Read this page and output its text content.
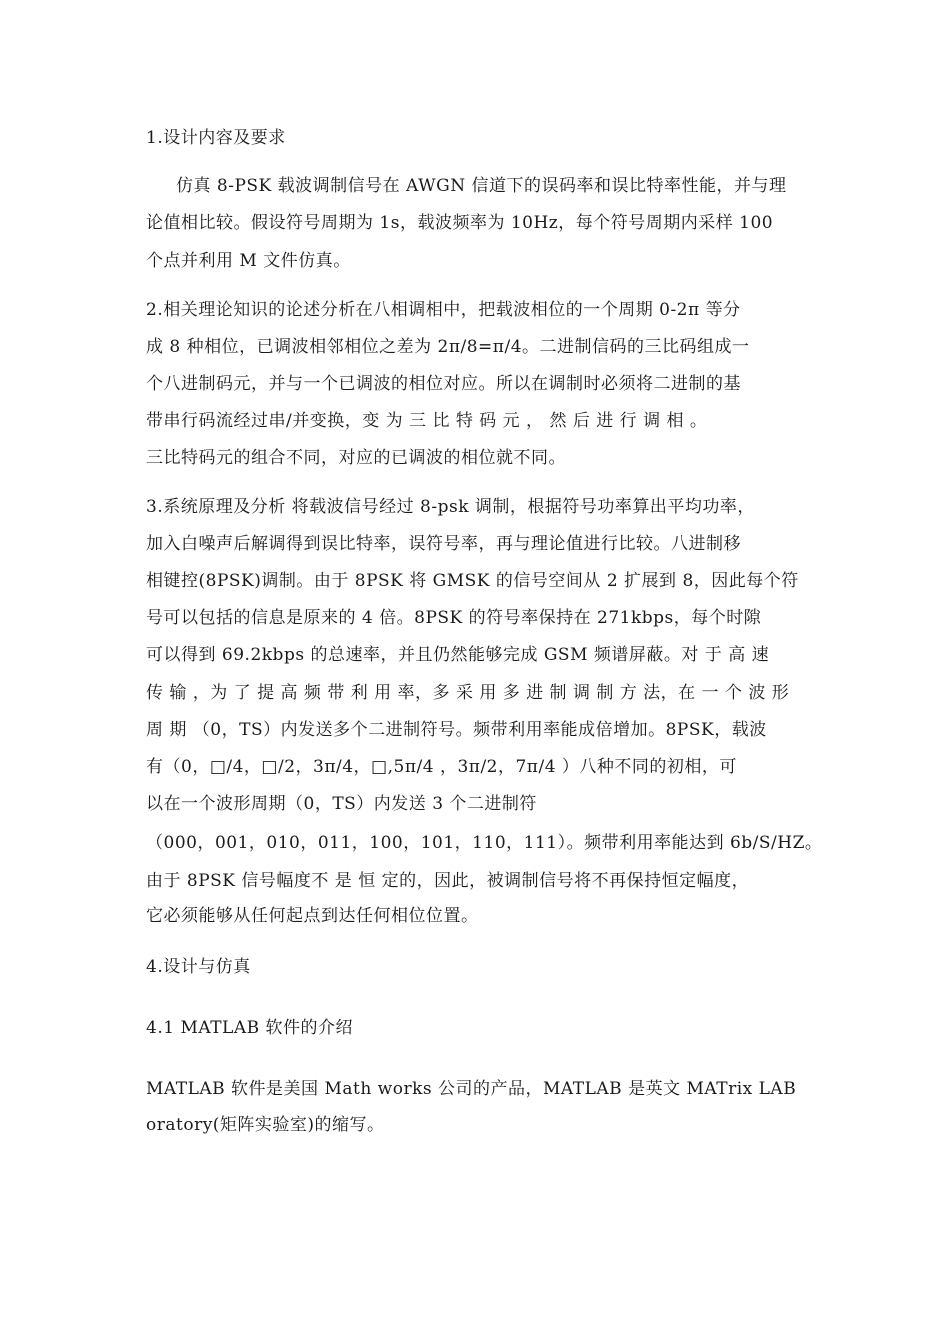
1.设计内容及要求
仿真 8-PSK 载波调制信号在 AWGN 信道下的误码率和误比特率性能，并与理
论值相比较。假设符号周期为 1s，载波频率为 10Hz，每个符号周期内采样 100
个点并利用 M 文件仿真。
2.相关理论知识的论述分析在八相调相中，把载波相位的一个周期 0-2π 等分
成 8 种相位，已调波相邻相位之差为 2π/8=π/4。二进制信码的三比码组成一
个八进制码元，并与一个已调波的相位对应。所以在调制时必须将二进制的基
带串行码流经过串/并变换，变 为 三 比 特 码 元 ， 然 后 进 行 调 相 。
三比特码元的组合不同，对应的已调波的相位就不同。
3.系统原理及分析 将载波信号经过 8-psk 调制，根据符号功率算出平均功率，
加入白噪声后解调得到误比特率，误符号率，再与理论值进行比较。八进制移
相键控(8PSK)调制。由于 8PSK 将 GMSK 的信号空间从 2 扩展到 8，因此每个符
号可以包括的信息是原来的 4 倍。8PSK 的符号率保持在 271kbps，每个时隙
可以得到 69.2kbps 的总速率，并且仍然能够完成 GSM 频谱屏蔽。对 于 高 速
传 输 ，为 了 提 高 频 带 利 用 率，多 采 用 多 进 制 调 制 方 法，在 一 个 波 形
周 期 （0，TS）内发送多个二进制符号。频带利用率能成倍增加。8PSK，载波
有（0，□/4，□/2，3π/4，□,5π/4 ，3π/2，7π/4 ）八种不同的初相，可
以在一个波形周期（0，TS）内发送 3 个二进制符
（000，001，010，011，100，101，110，111）。频带利用率能达到 6b/S/HZ。
由于 8PSK 信号幅度不 是 恒 定的，因此，被调制信号将不再保持恒定幅度，
它必须能够从任何起点到达任何相位位置。
4.设计与仿真
4.1 MATLAB 软件的介绍
MATLAB 软件是美国 Math works 公司的产品，MATLAB 是英文 MATrix LAB
oratory(矩阵实验室)的缩写。
